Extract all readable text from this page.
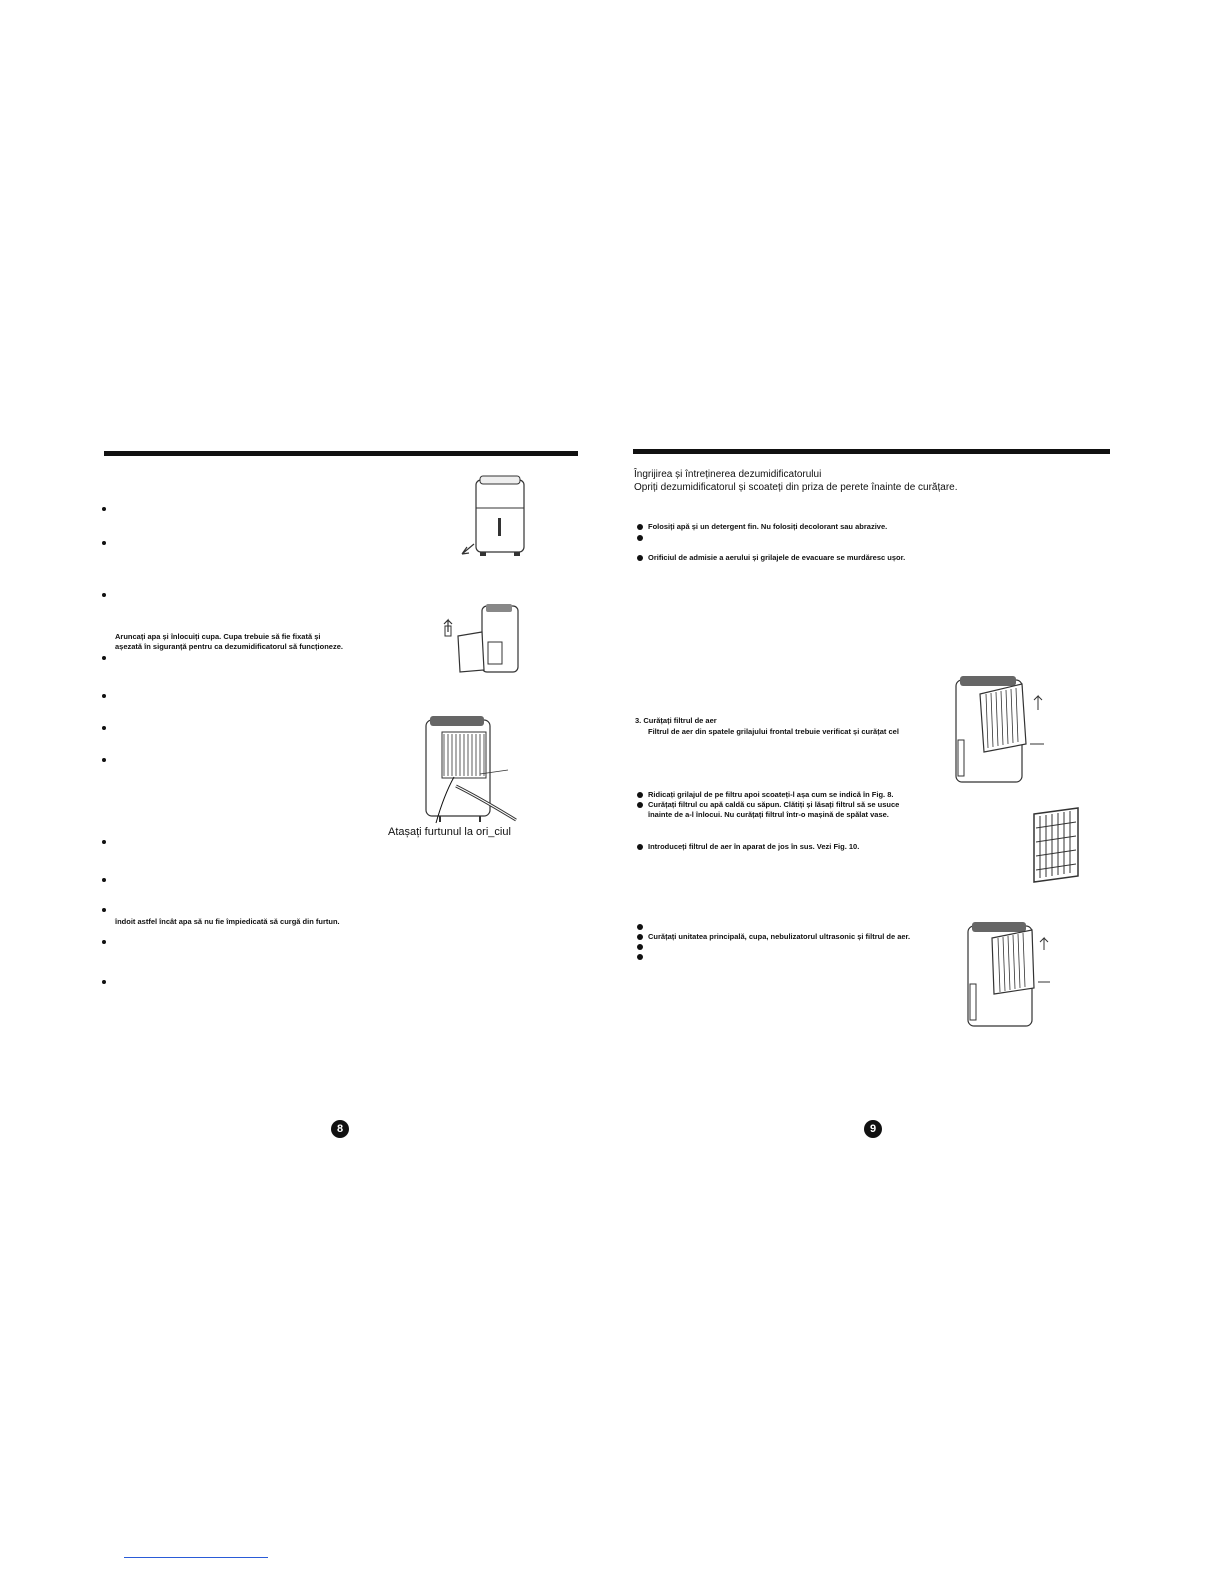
Aruncați apa și înlocuiți cupa. Cupa trebuie să fie fixată și
așezată în siguranță pentru ca dezumidificatorul să funcționeze.
îndoit astfel încât apa să nu fie împiedicată să curgă din furtun.
Atașați furtunul la ori_ciul
8
Îngrijirea și întreținerea dezumidificatorului
Opriți dezumidificatorul și scoateți din priza de perete înainte de curățare.
Folosiți apă și un detergent fin. Nu folosiți decolorant sau abrazive.
Orificiul de admisie a aerului și grilajele de evacuare se murdăresc ușor.
3. Curățați filtrul de aer
Filtrul de aer din spatele grilajului frontal trebuie verificat și curățat cel
Ridicați grilajul de pe filtru apoi scoateți-l așa cum se indică în Fig. 8.
Curățați filtrul cu apă caldă cu săpun. Clătiți și lăsați filtrul să se usuce
înainte de a-l înlocui. Nu curățați filtrul într-o mașină de spălat vase.
Introduceți filtrul de aer în aparat de jos în sus. Vezi Fig. 10.
Curățați unitatea principală, cupa, nebulizatorul ultrasonic și filtrul de aer.
9
